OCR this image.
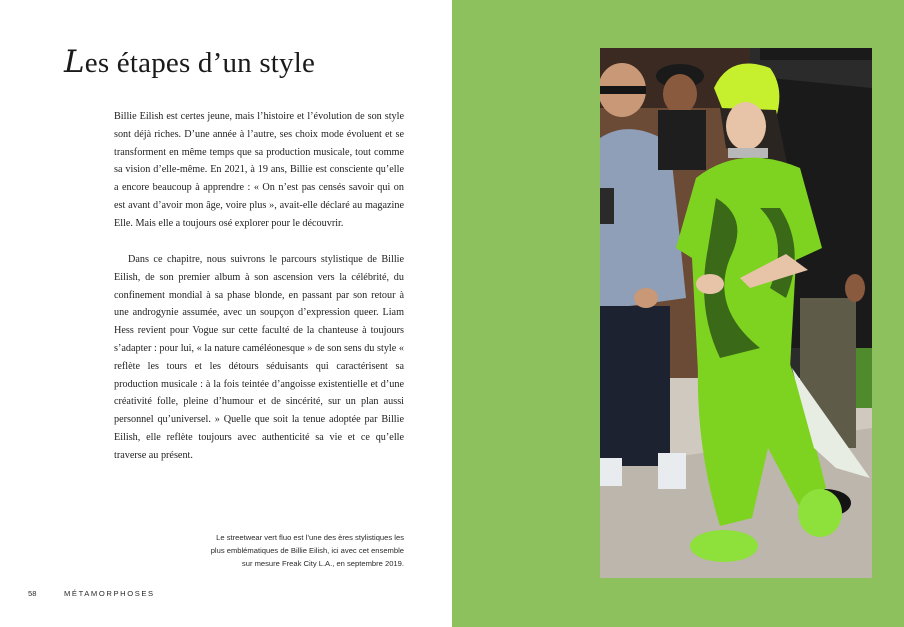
Les étapes d’un style

Billie Eilish est certes jeune, mais l’histoire et l’évolution de son style sont déjà riches. D’une année à l’autre, ses choix mode évoluent et se transforment en même temps que sa production musicale, tout comme sa vision d’elle-même. En 2021, à 19 ans, Billie est consciente qu’elle a encore beaucoup à apprendre : « On n’est pas censés savoir qui on est avant d’avoir mon âge, voire plus », avait-elle déclaré au magazine Elle. Mais elle a toujours osé explorer pour le découvrir.

Dans ce chapitre, nous suivrons le parcours stylistique de Billie Eilish, de son premier album à son ascension vers la célébrité, du confinement mondial à sa phase blonde, en passant par son retour à une androgynie assumée, avec un soupçon d’expression queer. Liam Hess revient pour Vogue sur cette faculté de la chanteuse à toujours s’adapter : pour lui, « la nature caméléonesque » de son sens du style « reflète les tours et les détours séduisants qui caractérisent sa production musicale : à la fois teintée d’angoisse existentielle et d’une créativité folle, pleine d’humour et de sincérité, sur un plan aussi personnel qu’universel. » Quelle que soit la tenue adoptée par Billie Eilish, elle reflète toujours avec authenticité sa vie et ce qu’elle traverse au présent.

Le streetwear vert fluo est l’une des ères stylistiques les

plus emblématiques de Billie Eilish, ici avec cet ensemble

sur mesure Freak City L.A., en septembre 2019.

58	MÉTAMORPHOSES
